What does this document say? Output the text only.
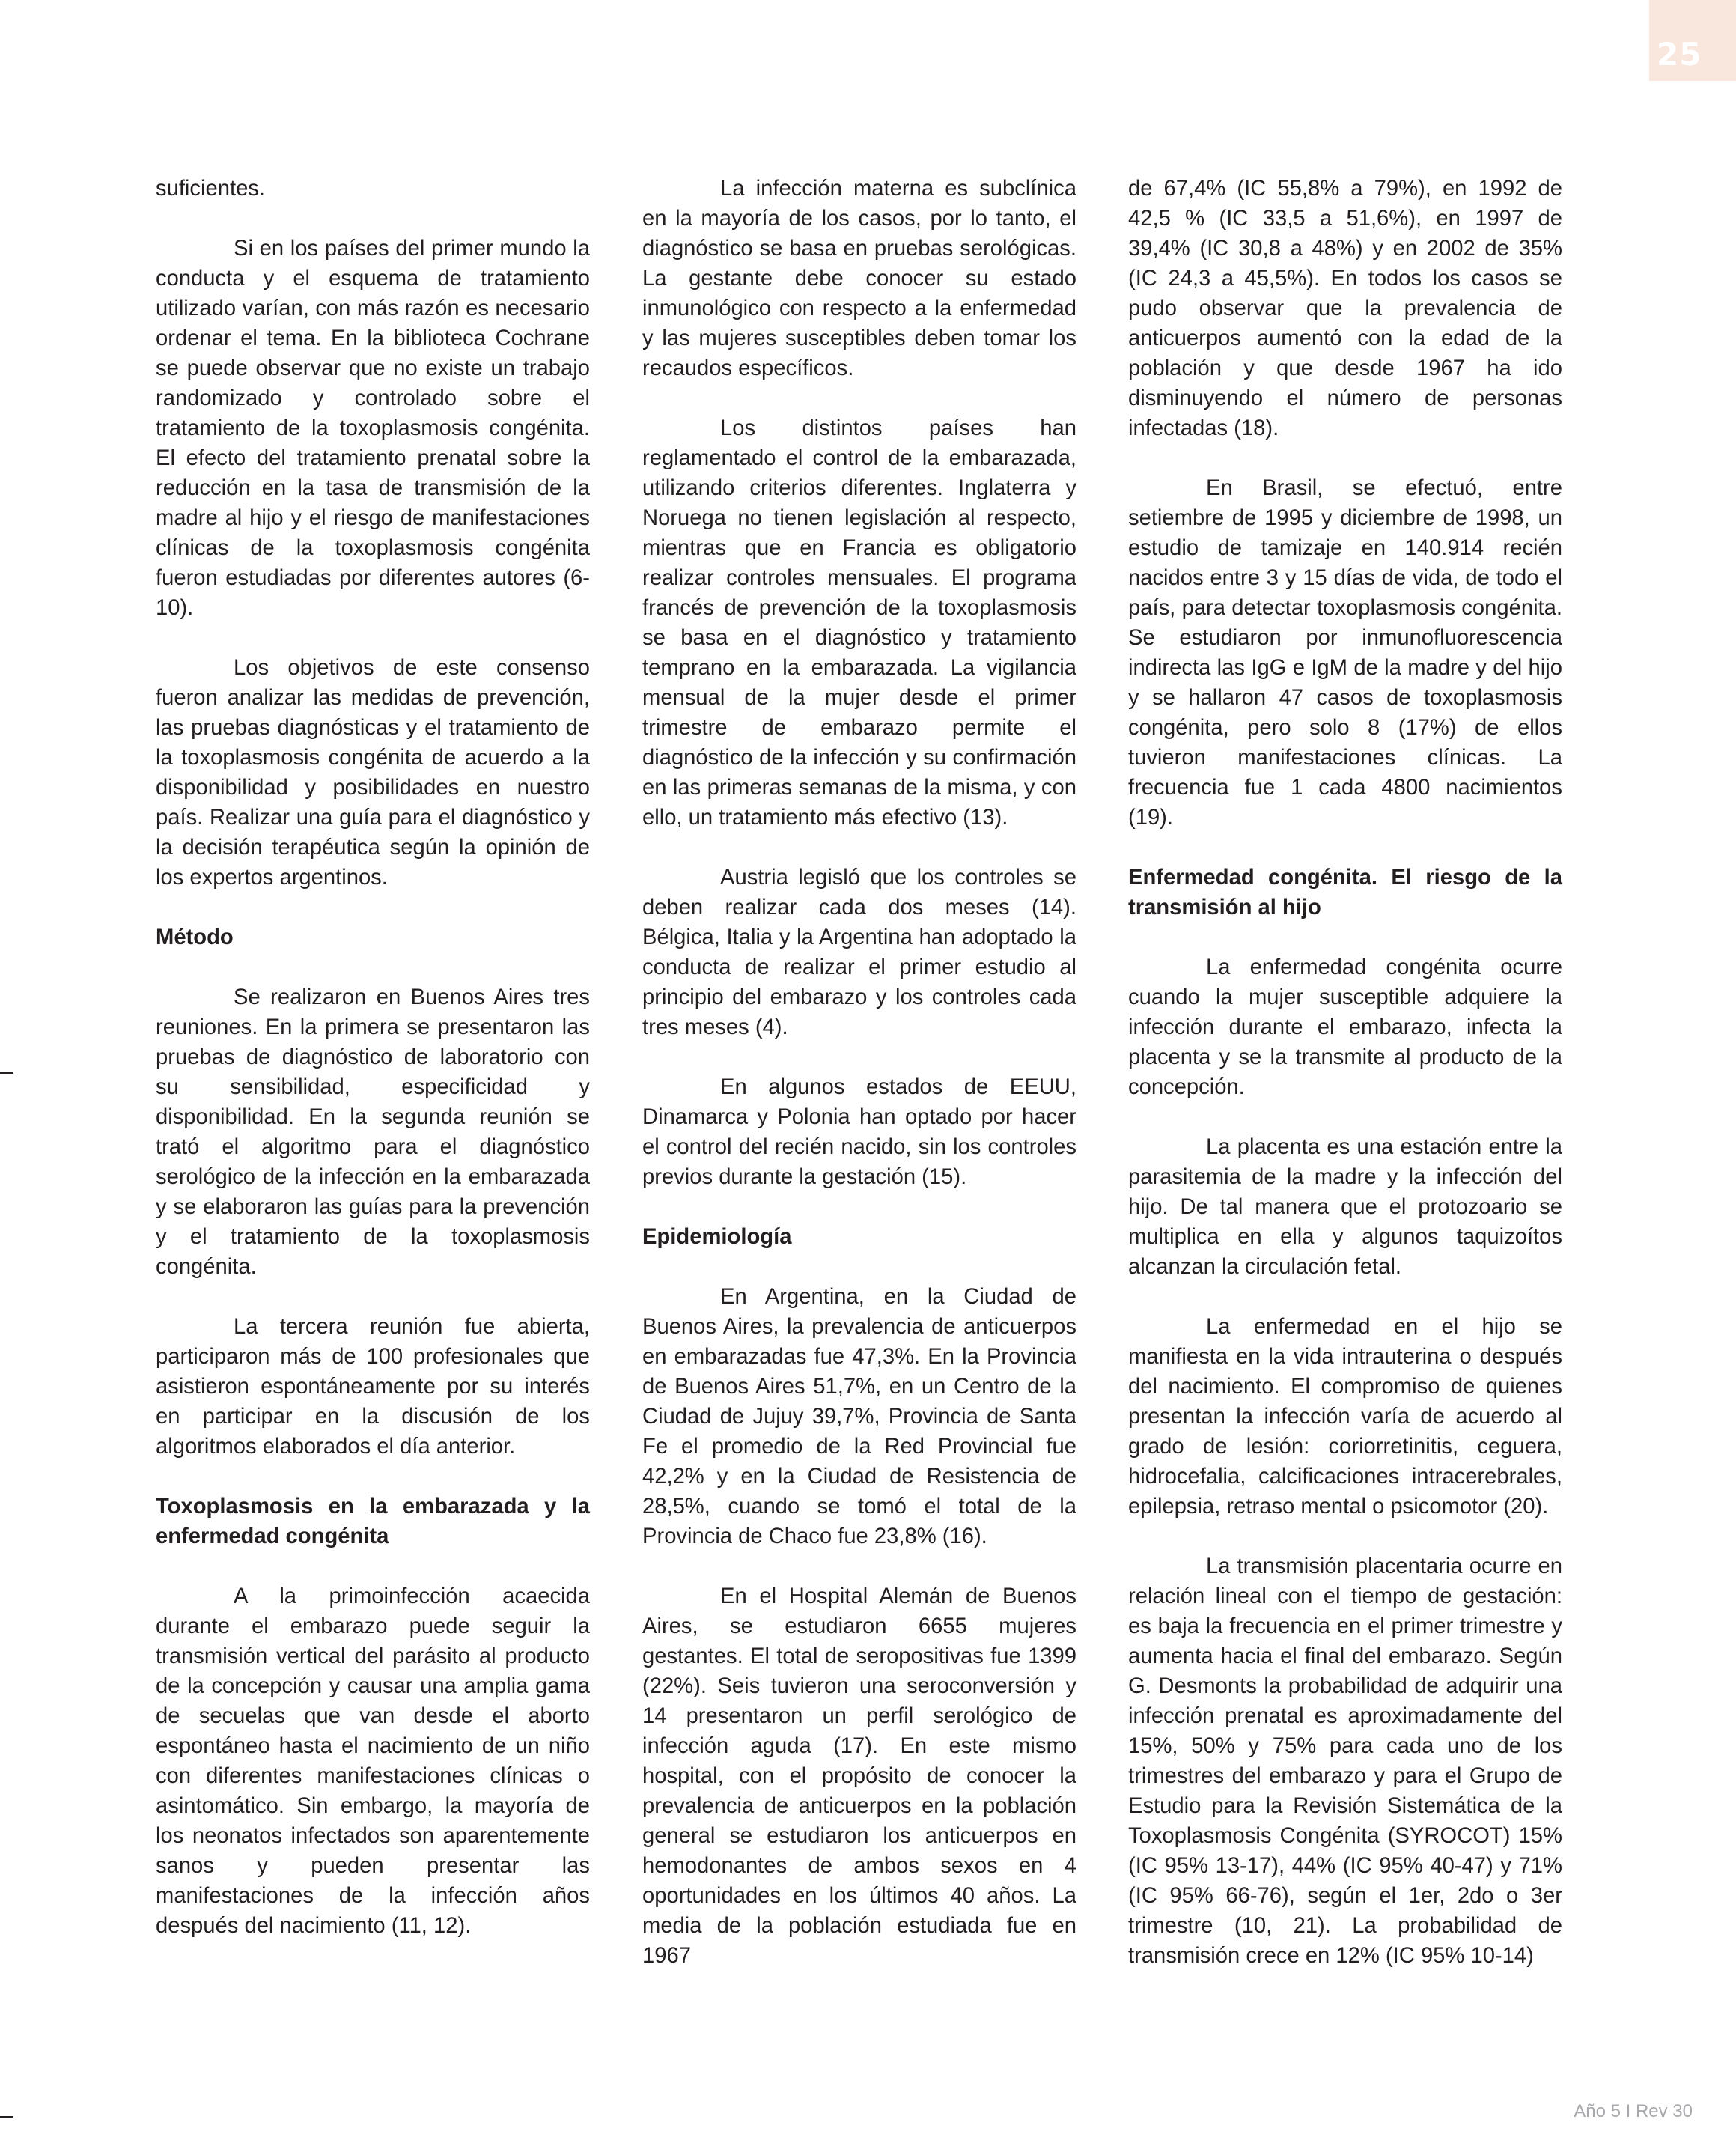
25

suficientes.

Si en los países del primer mundo la conducta y el esquema de tratamiento utilizado varían, con más razón es necesario ordenar el tema. En la biblioteca Cochrane se puede observar que no existe un trabajo randomizado y controlado sobre el tratamiento de la toxoplasmosis congénita. El efecto del tratamiento prenatal sobre la reducción en la tasa de transmisión de la madre al hijo y el riesgo de manifestaciones clínicas de la toxoplasmosis congénita fueron estudiadas por diferentes autores (6-10).

Los objetivos de este consenso fueron analizar las medidas de prevención, las pruebas diagnósticas y el tratamiento de la toxoplasmosis congénita de acuerdo a la disponibilidad y posibilidades en nuestro país. Realizar una guía para el diagnóstico y la decisión terapéutica según la opinión de los expertos argentinos.

Método

Se realizaron en Buenos Aires tres reuniones. En la primera se presentaron las pruebas de diagnóstico de laboratorio con su sensibilidad, especificidad y disponibilidad. En la segunda reunión se trató el algoritmo para el diagnóstico serológico de la infección en la embarazada y se elaboraron las guías para la prevención y el tratamiento de la toxoplasmosis congénita.

La tercera reunión fue abierta, participaron más de 100 profesionales que asistieron espontáneamente por su interés en participar en la discusión de los algoritmos elaborados el día anterior.

Toxoplasmosis en la embarazada y la enfermedad congénita

A la primoinfección acaecida durante el embarazo puede seguir la transmisión vertical del parásito al producto de la concepción y causar una amplia gama de secuelas que van desde el aborto espontáneo hasta el nacimiento de un niño con diferentes manifestaciones clínicas o asintomático. Sin embargo, la mayoría de los neonatos infectados son aparentemente sanos y pueden presentar las manifestaciones de la infección años después del nacimiento (11, 12).

La infección materna es subclínica en la mayoría de los casos, por lo tanto, el diagnóstico se basa en pruebas serológicas. La gestante debe conocer su estado inmunológico con respecto a la enfermedad y las mujeres susceptibles deben tomar los recaudos específicos.

Los distintos países han reglamentado el control de la embarazada, utilizando criterios diferentes. Inglaterra y Noruega no tienen legislación al respecto, mientras que en Francia es obligatorio realizar controles mensuales. El programa francés de prevención de la toxoplasmosis se basa en el diagnóstico y tratamiento temprano en la embarazada. La vigilancia mensual de la mujer desde el primer trimestre de embarazo permite el diagnóstico de la infección y su confirmación en las primeras semanas de la misma, y con ello, un tratamiento más efectivo (13).

Austria legisló que los controles se deben realizar cada dos meses (14). Bélgica, Italia y la Argentina han adoptado la conducta de realizar el primer estudio al principio del embarazo y los controles cada tres meses (4).

En algunos estados de EEUU, Dinamarca y Polonia han optado por hacer el control del recién nacido, sin los controles previos durante la gestación (15).

Epidemiología

En Argentina, en la Ciudad de Buenos Aires, la prevalencia de anticuerpos en embarazadas fue 47,3%. En la Provincia de Buenos Aires 51,7%, en un Centro de la Ciudad de Jujuy 39,7%, Provincia de Santa Fe el promedio de la Red Provincial fue 42,2% y en la Ciudad de Resistencia de 28,5%, cuando se tomó el total de la Provincia de Chaco fue 23,8% (16).

En el Hospital Alemán de Buenos Aires, se estudiaron 6655 mujeres gestantes. El total de seropositivas fue 1399 (22%). Seis tuvieron una seroconversión y 14 presentaron un perfil serológico de infección aguda (17). En este mismo hospital, con el propósito de conocer la prevalencia de anticuerpos en la población general se estudiaron los anticuerpos en hemodonantes de ambos sexos en 4 oportunidades en los últimos 40 años. La media de la población estudiada fue en 1967

de 67,4% (IC 55,8% a 79%), en 1992 de 42,5 % (IC 33,5 a 51,6%), en 1997 de 39,4% (IC 30,8 a 48%) y en 2002 de 35% (IC 24,3 a 45,5%). En todos los casos se pudo observar que la prevalencia de anticuerpos aumentó con la edad de la población y que desde 1967 ha ido disminuyendo el número de personas infectadas (18).

En Brasil, se efectuó, entre setiembre de 1995 y diciembre de 1998, un estudio de tamizaje en 140.914 recién nacidos entre 3 y 15 días de vida, de todo el país, para detectar toxoplasmosis congénita. Se estudiaron por inmunofluorescencia indirecta las IgG e IgM de la madre y del hijo y se hallaron 47 casos de toxoplasmosis congénita, pero solo 8 (17%) de ellos tuvieron manifestaciones clínicas. La frecuencia fue 1 cada 4800 nacimientos (19).

Enfermedad congénita. El riesgo de la transmisión al hijo

La enfermedad congénita ocurre cuando la mujer susceptible adquiere la infección durante el embarazo, infecta la placenta y se la transmite al producto de la concepción.

La placenta es una estación entre la parasitemia de la madre y la infección del hijo. De tal manera que el protozoario se multiplica en ella y algunos taquizoítos alcanzan la circulación fetal.

La enfermedad en el hijo se manifiesta en la vida intrauterina o después del nacimiento. El compromiso de quienes presentan la infección varía de acuerdo al grado de lesión: coriorretinitis, ceguera, hidrocefalia, calcificaciones intracerebrales, epilepsia, retraso mental o psicomotor (20).

La transmisión placentaria ocurre en relación lineal con el tiempo de gestación: es baja la frecuencia en el primer trimestre y aumenta hacia el final del embarazo. Según G. Desmonts la probabilidad de adquirir una infección prenatal es aproximadamente del 15%, 50% y 75% para cada uno de los trimestres del embarazo y para el Grupo de Estudio para la Revisión Sistemática de la Toxoplasmosis Congénita (SYROCOT) 15% (IC 95% 13-17), 44% (IC 95% 40-47) y 71% (IC 95% 66-76), según el 1er, 2do o 3er trimestre (10, 21). La probabilidad de transmisión crece en 12% (IC 95% 10-14)

Año 5 I Rev 30
